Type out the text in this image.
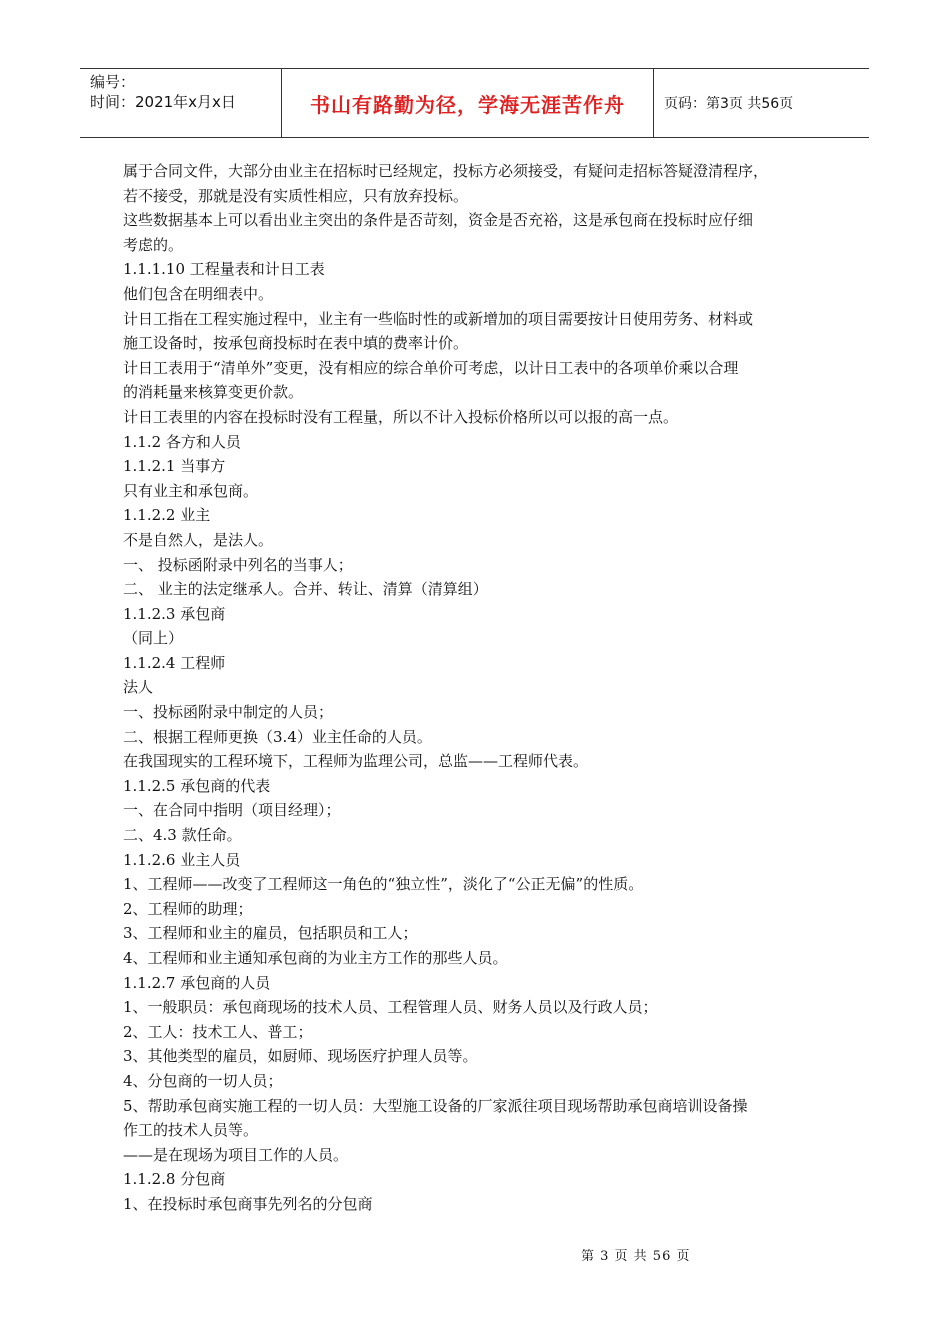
编号：
时间：2021年x月x日	书山有路勤为径，学海无涯苦作舟	页码：第3页 共56页
属于合同文件，大部分由业主在招标时已经规定，投标方必须接受，有疑问走招标答疑澄清程序，
若不接受，那就是没有实质性相应，只有放弃投标。
这些数据基本上可以看出业主突出的条件是否苛刻，资金是否充裕，这是承包商在投标时应仔细
考虑的。
1.1.1.10 工程量表和计日工表
他们包含在明细表中。
计日工指在工程实施过程中，业主有一些临时性的或新增加的项目需要按计日使用劳务、材料或
施工设备时，按承包商投标时在表中填的费率计价。
计日工表用于“清单外”变更，没有相应的综合单价可考虑，以计日工表中的各项单价乘以合理
的消耗量来核算变更价款。
计日工表里的内容在投标时没有工程量，所以不计入投标价格所以可以报的高一点。
1.1.2 各方和人员
1.1.2.1 当事方
只有业主和承包商。
1.1.2.2 业主
不是自然人，是法人。
一、 投标函附录中列名的当事人；
二、 业主的法定继承人。合并、转让、清算（清算组）
1.1.2.3 承包商
（同上）
1.1.2.4 工程师
法人
一、投标函附录中制定的人员；
二、根据工程师更换（3.4）业主任命的人员。
在我国现实的工程环境下，工程师为监理公司，总监——工程师代表。
1.1.2.5 承包商的代表
一、在合同中指明（项目经理）；
二、4.3 款任命。
1.1.2.6 业主人员
1、工程师——改变了工程师这一角色的“独立性”，淡化了“公正无偏”的性质。
2、工程师的助理；
3、工程师和业主的雇员，包括职员和工人；
4、工程师和业主通知承包商的为业主方工作的那些人员。
1.1.2.7 承包商的人员
1、一般职员：承包商现场的技术人员、工程管理人员、财务人员以及行政人员；
2、工人：技术工人、普工；
3、其他类型的雇员，如厨师、现场医疗护理人员等。
4、分包商的一切人员；
5、帮助承包商实施工程的一切人员：大型施工设备的厂家派往项目现场帮助承包商培训设备操
作工的技术人员等。
——是在现场为项目工作的人员。
1.1.2.8 分包商
1、在投标时承包商事先列名的分包商
第 3 页 共 56 页
